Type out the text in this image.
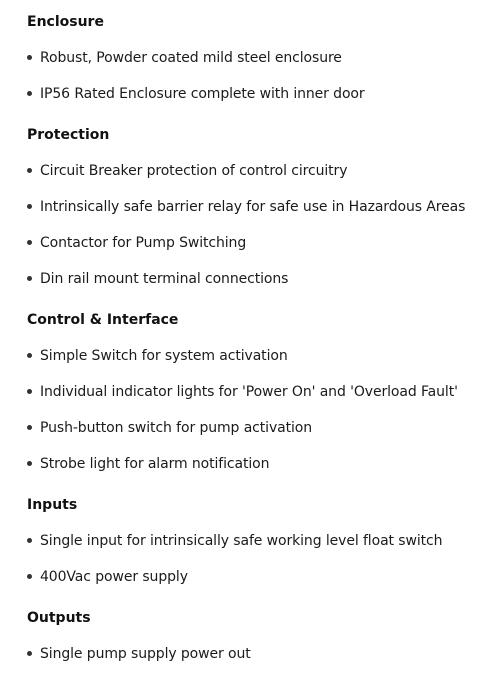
Enclosure
Robust, Powder coated mild steel enclosure
IP56 Rated Enclosure complete with inner door
Protection
Circuit Breaker protection of control circuitry
Intrinsically safe barrier relay for safe use in Hazardous Areas
Contactor for Pump Switching
Din rail mount terminal connections
Control & Interface
Simple Switch for system activation
Individual indicator lights for 'Power On' and 'Overload Fault'
Push-button switch for pump activation
Strobe light for alarm notification
Inputs
Single input for intrinsically safe working level float switch
400Vac power supply
Outputs
Single pump supply power out
